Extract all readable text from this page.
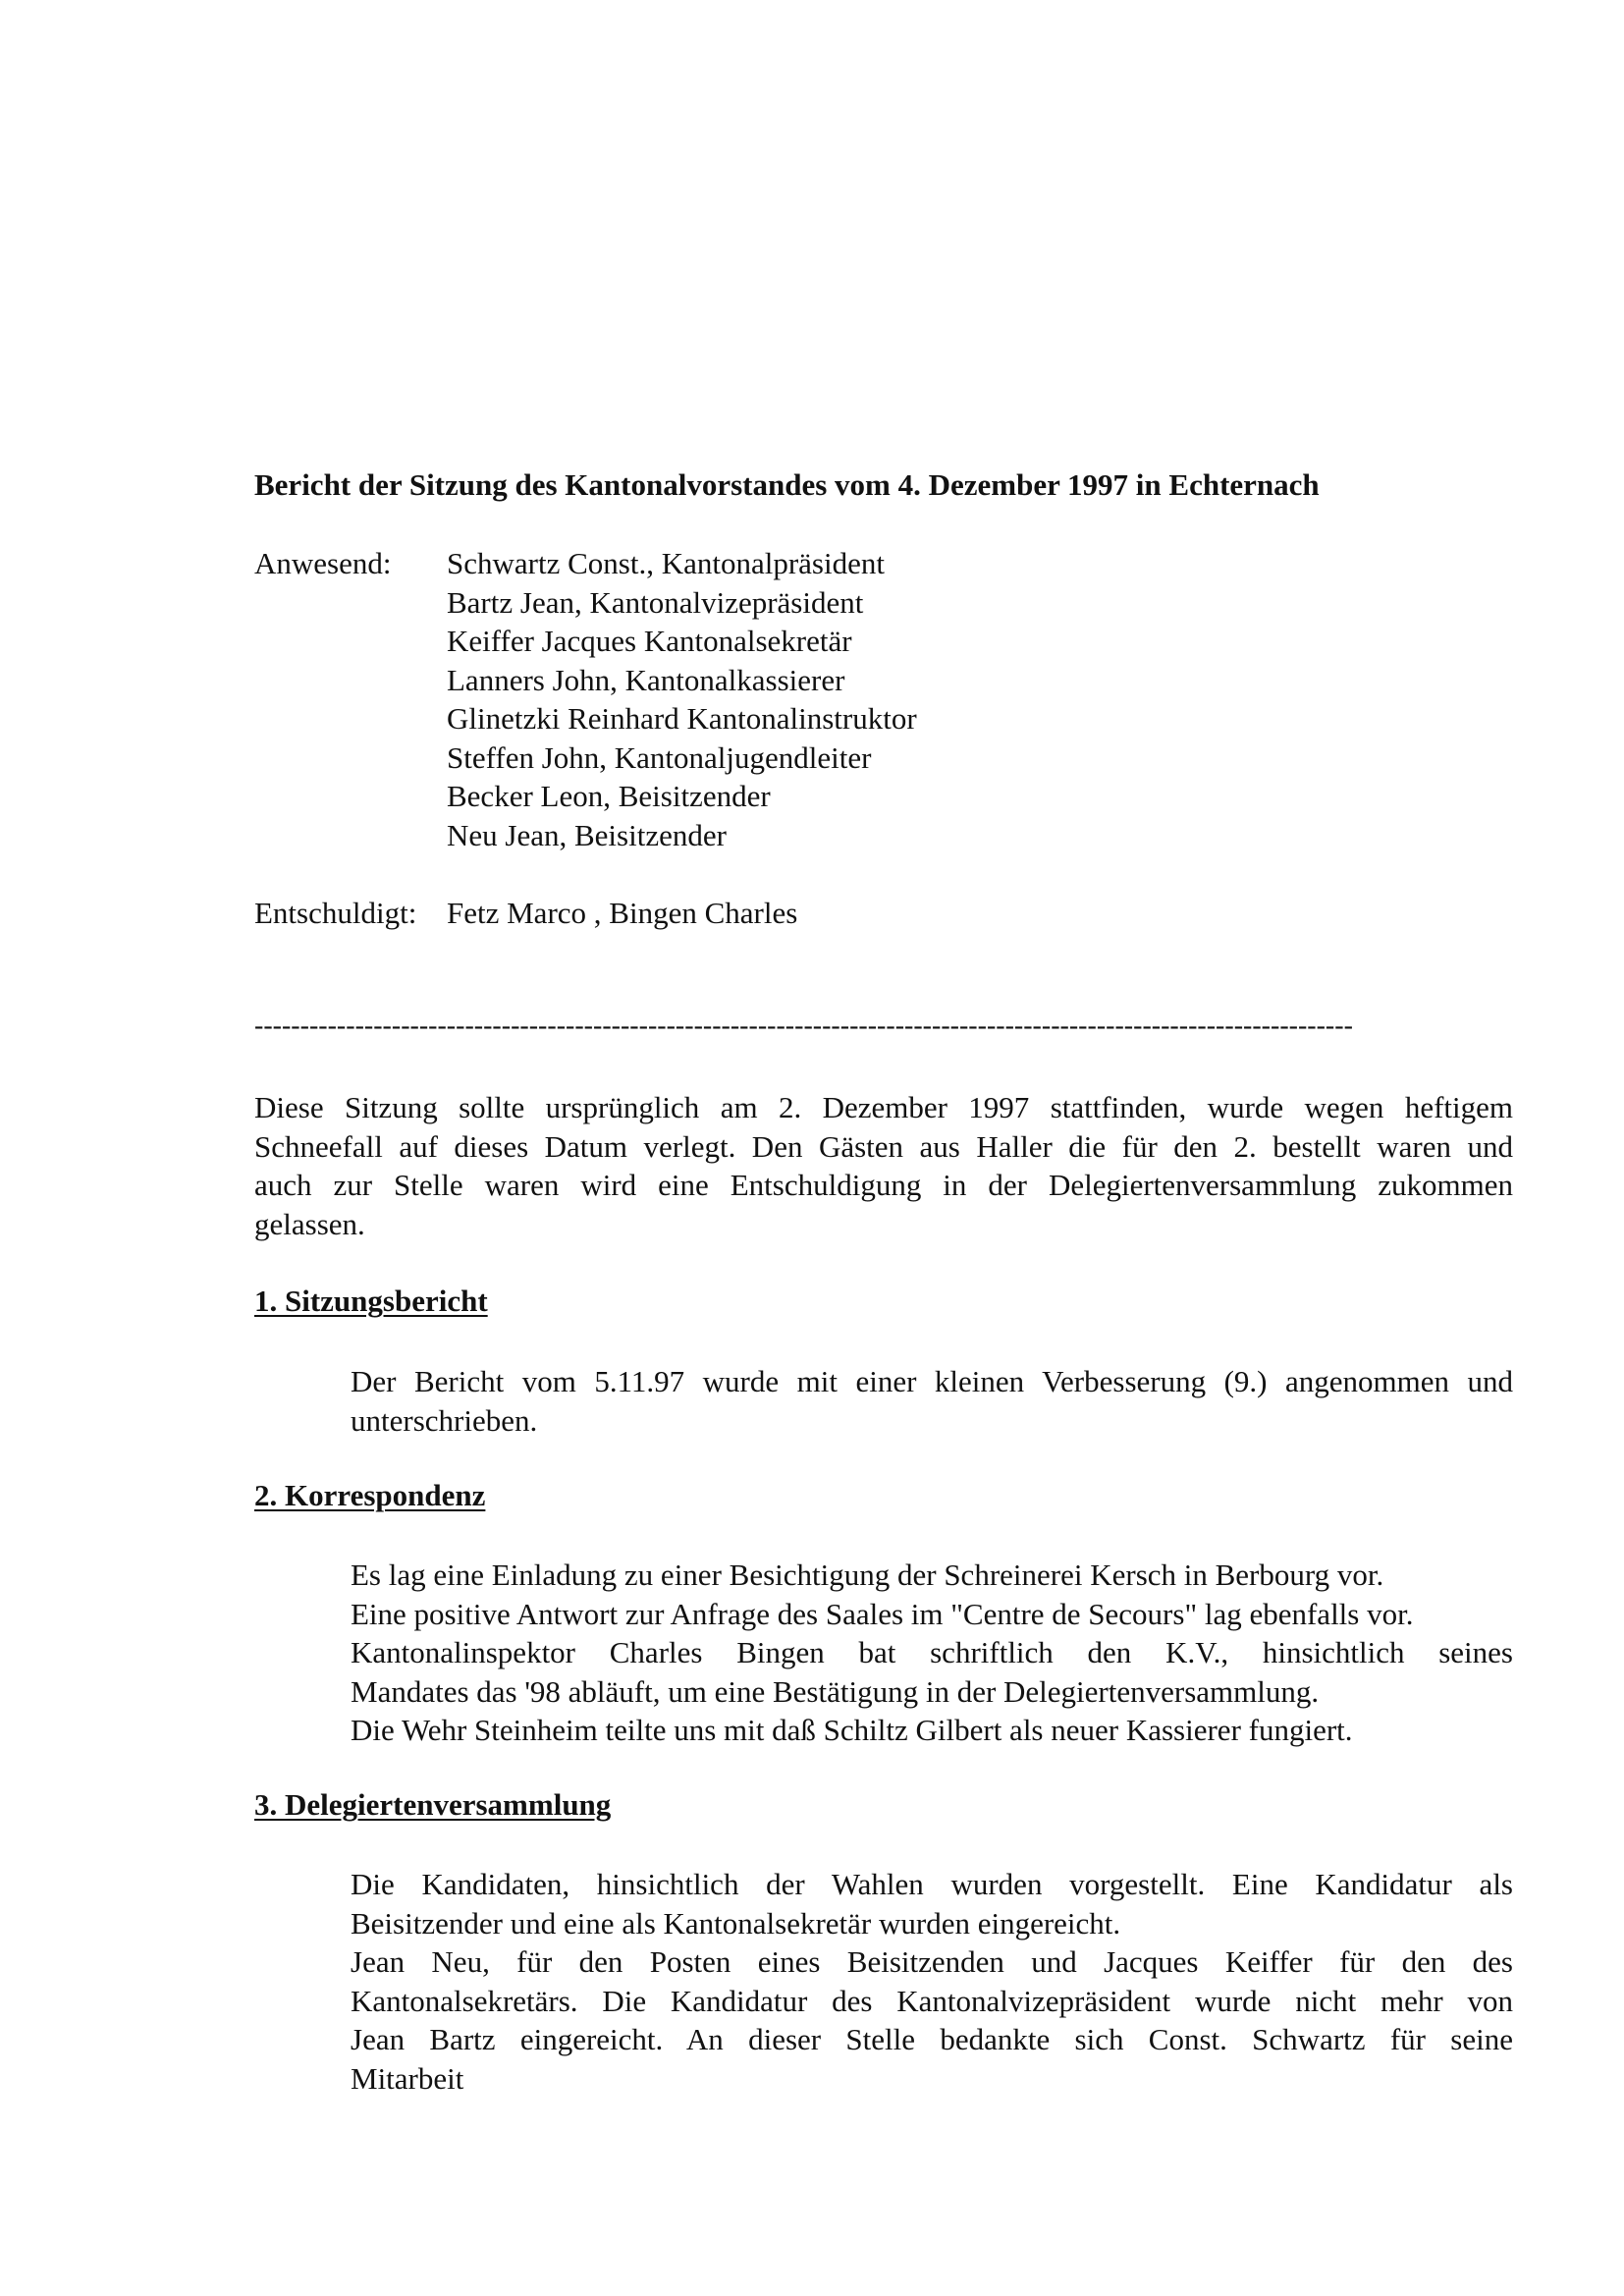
Bericht der Sitzung des Kantonalvorstandes vom 4. Dezember 1997 in Echternach
Anwesend: Schwartz Const., Kantonalpräsident
Bartz Jean, Kantonalvizepräsident
Keiffer Jacques Kantonalsekretär
Lanners John, Kantonalkassierer
Glinetzki Reinhard Kantonalinstruktor
Steffen John, Kantonaljugendleiter
Becker Leon, Beisitzender
Neu Jean, Beisitzender
Entschuldigt: Fetz Marco , Bingen Charles
------------------------------------------------------------------------------------------------------------------------
Diese Sitzung sollte ursprünglich am 2. Dezember 1997 stattfinden, wurde wegen heftigem
Schneefall auf dieses Datum verlegt. Den Gästen aus Haller die für den 2. bestellt waren und
auch zur Stelle waren wird eine Entschuldigung in der Delegiertenversammlung zukommen
gelassen.
1. Sitzungsbericht
Der Bericht vom 5.11.97 wurde mit einer kleinen Verbesserung (9.) angenommen und
unterschrieben.
2. Korrespondenz
Es lag eine Einladung zu einer Besichtigung der Schreinerei Kersch in Berbourg vor.
Eine positive Antwort zur Anfrage des Saales im "Centre de Secours" lag ebenfalls vor.
Kantonalinspektor Charles Bingen bat schriftlich den K.V., hinsichtlich seines
Mandates das '98 abläuft, um eine Bestätigung in der Delegiertenversammlung.
Die Wehr Steinheim teilte uns mit daß Schiltz Gilbert als neuer Kassierer fungiert.
3. Delegiertenversammlung
Die Kandidaten, hinsichtlich der Wahlen wurden vorgestellt. Eine Kandidatur als
Beisitzender und eine als Kantonalsekretär wurden eingereicht.
Jean Neu, für den Posten eines Beisitzenden und Jacques Keiffer für den des
Kantonalsekretärs. Die Kandidatur des Kantonalvizepräsident wurde nicht mehr von
Jean Bartz eingereicht. An dieser Stelle bedankte sich Const. Schwartz für seine
Mitarbeit
